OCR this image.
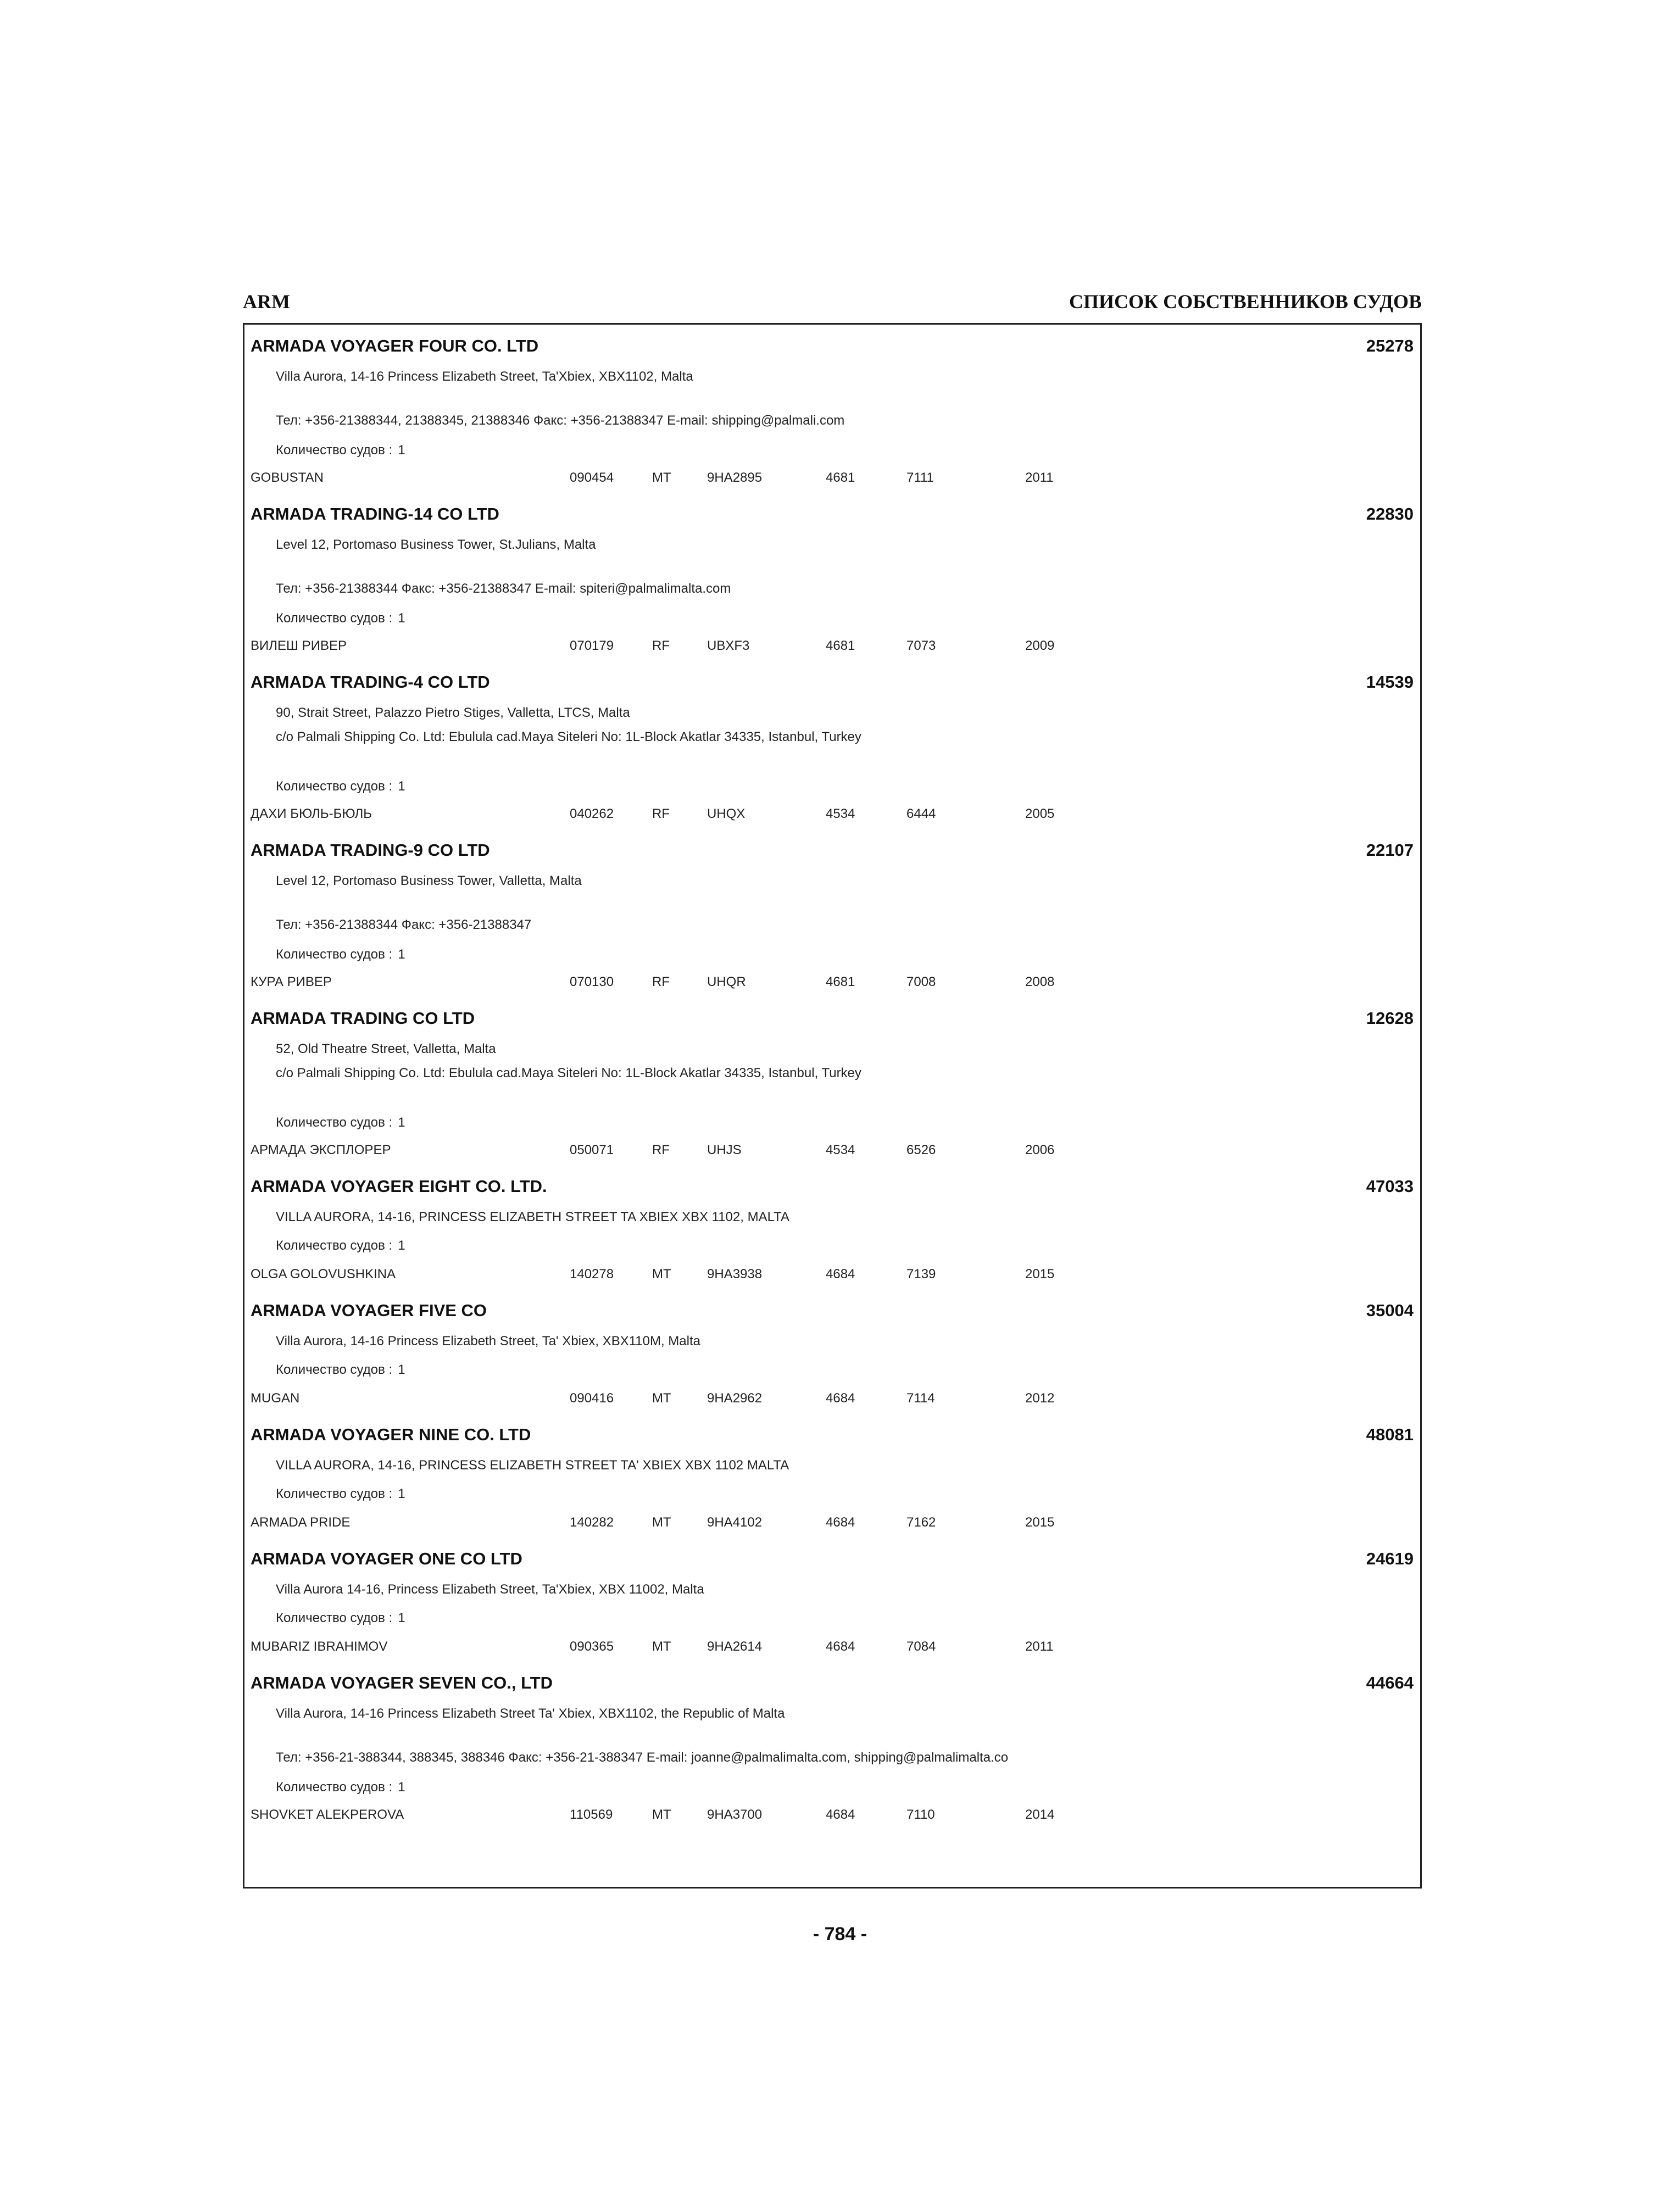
ARM	СПИСОК СОБСТВЕННИКОВ СУДОВ
ARMADA VOYAGER FOUR CO. LTD	25278
Villa Aurora, 14-16 Princess Elizabeth Street, Ta'Xbiex, XBX1102, Malta
Тел: +356-21388344, 21388345, 21388346 Факс: +356-21388347 E-mail: shipping@palmali.com
Количество судов : 1
GOBUSTAN	090454	MT	9HA2895	4681	7111	2011
ARMADA TRADING-14 CO LTD	22830
Level 12, Portomaso Business Tower, St.Julians, Malta
Тел: +356-21388344 Факс: +356-21388347 E-mail: spiteri@palmalimalta.com
Количество судов : 1
ВИЛЕШ РИВЕР	070179	RF	UBXF3	4681	7073	2009
ARMADA TRADING-4 CO LTD	14539
90, Strait Street, Palazzo Pietro Stiges, Valletta, LTCS, Malta
c/o Palmali Shipping Co. Ltd: Ebulula cad.Maya Siteleri No: 1L-Block Akatlar 34335, Istanbul, Turkey
Количество судов : 1
ДАХИ БЮЛЬ-БЮЛЬ	040262	RF	UHQX	4534	6444	2005
ARMADA TRADING-9 CO LTD	22107
Level 12, Portomaso Business Tower, Valletta, Malta
Тел: +356-21388344 Факс: +356-21388347
Количество судов : 1
КУРА РИВЕР	070130	RF	UHQR	4681	7008	2008
ARMADA TRADING CO LTD	12628
52, Old Theatre Street, Valletta, Malta
c/o Palmali Shipping Co. Ltd: Ebulula cad.Maya Siteleri No: 1L-Block Akatlar 34335, Istanbul, Turkey
Количество судов : 1
АРМАДА ЭКСПЛОРЕР	050071	RF	UHJS	4534	6526	2006
ARMADA VOYAGER EIGHT CO. LTD.	47033
VILLA AURORA, 14-16, PRINCESS ELIZABETH STREET TA XBIEX XBX 1102, MALTA
Количество судов : 1
OLGA GOLOVUSHKINA	140278	MT	9HA3938	4684	7139	2015
ARMADA VOYAGER FIVE CO	35004
Villa Aurora, 14-16 Princess Elizabeth Street, Ta' Xbiex, XBX110M, Malta
Количество судов : 1
MUGAN	090416	MT	9HA2962	4684	7114	2012
ARMADA VOYAGER NINE CO. LTD	48081
VILLA AURORA, 14-16, PRINCESS ELIZABETH STREET TA' XBIEX XBX 1102 MALTA
Количество судов : 1
ARMADA PRIDE	140282	MT	9HA4102	4684	7162	2015
ARMADA VOYAGER ONE CO LTD	24619
Villa Aurora 14-16, Princess Elizabeth Street, Ta'Xbiex, XBX 11002, Malta
Количество судов : 1
MUBARIZ IBRAHIMOV	090365	MT	9HA2614	4684	7084	2011
ARMADA VOYAGER SEVEN CO., LTD	44664
Villa Aurora, 14-16 Princess Elizabeth Street Ta' Xbiex, XBX1102, the Republic of Malta
Тел: +356-21-388344, 388345, 388346 Факс: +356-21-388347 E-mail: joanne@palmalimalta.com, shipping@palmalimalta.co
Количество судов : 1
SHOVKET ALEKPEROVA	110569	MT	9HA3700	4684	7110	2014
- 784 -
